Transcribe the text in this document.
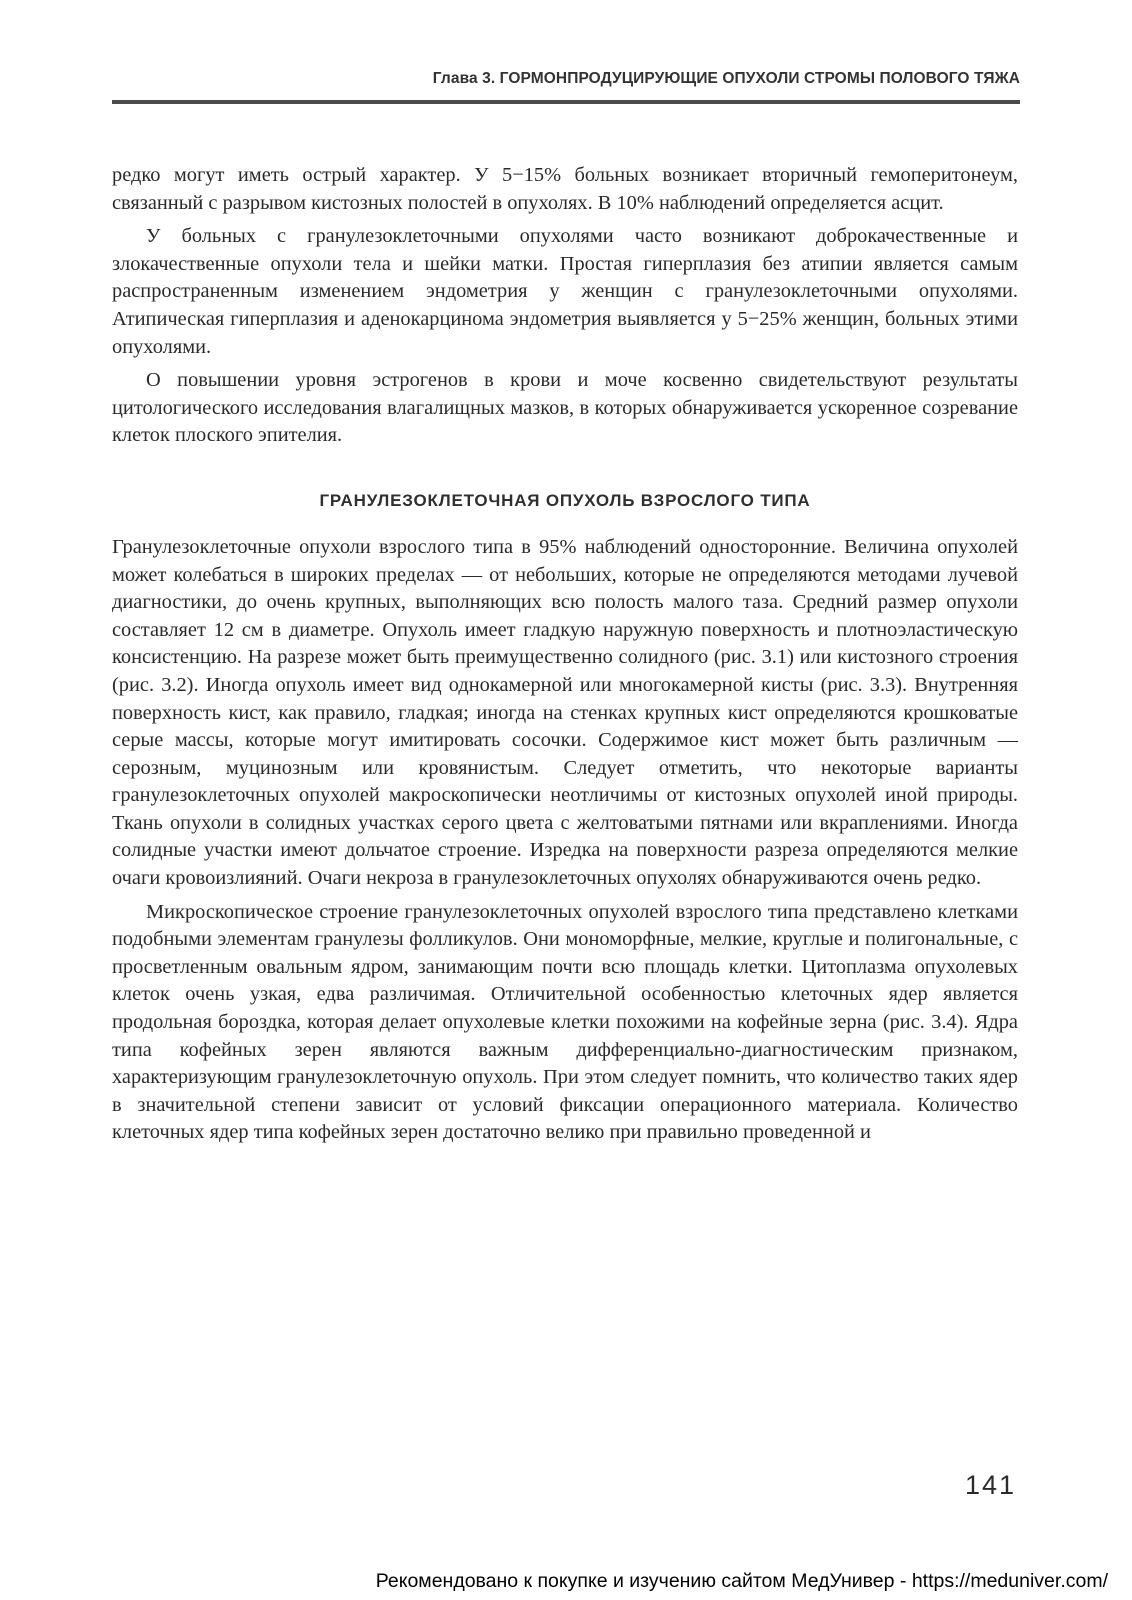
Глава 3. ГОРМОНПРОДУЦИРУЮЩИЕ ОПУХОЛИ СТРОМЫ ПОЛОВОГО ТЯЖА

редко могут иметь острый характер. У 5−15% больных возникает вторичный гемоперитонеум, связанный с разрывом кистозных полостей в опухолях. В 10% наблюдений определяется асцит.

У больных с гранулезоклеточными опухолями часто возникают доброкачественные и злокачественные опухоли тела и шейки матки. Простая гиперплазия без атипии является самым распространенным изменением эндометрия у женщин с гранулезоклеточными опухолями. Атипическая гиперплазия и аденокарцинома эндометрия выявляется у 5−25% женщин, больных этими опухолями.

О повышении уровня эстрогенов в крови и моче косвенно свидетельствуют результаты цитологического исследования влагалищных мазков, в которых обнаруживается ускоренное созревание клеток плоского эпителия.

ГРАНУЛЕЗОКЛЕТОЧНАЯ ОПУХОЛЬ ВЗРОСЛОГО ТИПА

Гранулезоклеточные опухоли взрослого типа в 95% наблюдений односторонние. Величина опухолей может колебаться в широких пределах — от небольших, которые не определяются методами лучевой диагностики, до очень крупных, выполняющих всю полость малого таза. Средний размер опухоли составляет 12 см в диаметре. Опухоль имеет гладкую наружную поверхность и плотноэластическую консистенцию. На разрезе может быть преимущественно солидного (рис. 3.1) или кистозного строения (рис. 3.2). Иногда опухоль имеет вид однокамерной или многокамерной кисты (рис. 3.3). Внутренняя поверхность кист, как правило, гладкая; иногда на стенках крупных кист определяются крошковатые серые массы, которые могут имитировать сосочки. Содержимое кист может быть различным — серозным, муцинозным или кровянистым. Следует отметить, что некоторые варианты гранулезоклеточных опухолей макроскопически неотличимы от кистозных опухолей иной природы. Ткань опухоли в солидных участках серого цвета с желтоватыми пятнами или вкраплениями. Иногда солидные участки имеют дольчатое строение. Изредка на поверхности разреза определяются мелкие очаги кровоизлияний. Очаги некроза в гранулезоклеточных опухолях обнаруживаются очень редко.

Микроскопическое строение гранулезоклеточных опухолей взрослого типа представлено клетками подобными элементам гранулезы фолликулов. Они мономорфные, мелкие, круглые и полигональные, с просветленным овальным ядром, занимающим почти всю площадь клетки. Цитоплазма опухолевых клеток очень узкая, едва различимая. Отличительной особенностью клеточных ядер является продольная бороздка, которая делает опухолевые клетки похожими на кофейные зерна (рис. 3.4). Ядра типа кофейных зерен являются важным дифференциально-диагностическим признаком, характеризующим гранулезоклеточную опухоль. При этом следует помнить, что количество таких ядер в значительной степени зависит от условий фиксации операционного материала. Количество клеточных ядер типа кофейных зерен достаточно велико при правильно проведенной и

141
Рекомендовано к покупке и изучению сайтом МедУнивер - https://meduniver.com/
